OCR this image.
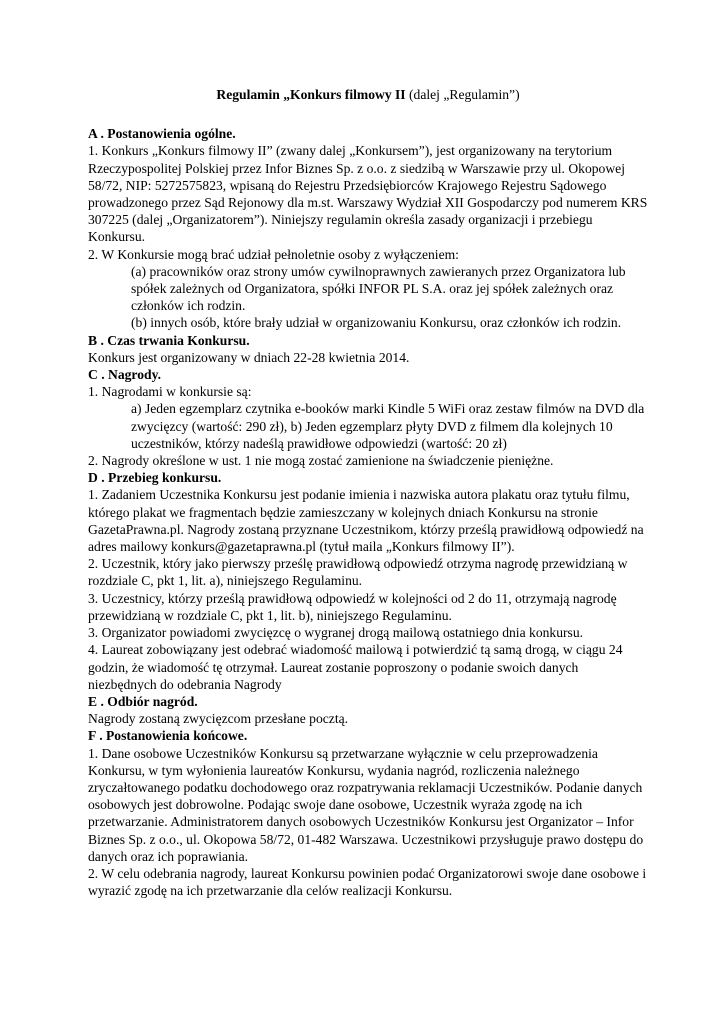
Regulamin „Konkurs filmowy II (dalej „Regulamin”)

A . Postanowienia ogólne.

1. Konkurs „Konkurs filmowy II” (zwany dalej „Konkursem”), jest organizowany na terytorium Rzeczypospolitej Polskiej przez Infor Biznes Sp. z o.o. z siedzibą w Warszawie przy ul. Okopowej 58/72, NIP: 5272575823, wpisaną do Rejestru Przedsiębiorców Krajowego Rejestru Sądowego prowadzonego przez Sąd Rejonowy dla m.st. Warszawy Wydział XII Gospodarczy pod numerem KRS 307225 (dalej „Organizatorem”). Niniejszy regulamin określa zasady organizacji i przebiegu Konkursu.

2. W Konkursie mogą brać udział pełnoletnie osoby z wyłączeniem:

(a) pracowników oraz strony umów cywilnoprawnych zawieranych przez Organizatora lub spółek zależnych od Organizatora, spółki INFOR PL S.A. oraz jej spółek zależnych oraz członków ich rodzin.

(b) innych osób, które brały udział w organizowaniu Konkursu, oraz członków ich rodzin.

B . Czas trwania Konkursu.

Konkurs jest organizowany w dniach 22-28 kwietnia 2014.

C . Nagrody.

1. Nagrodami w konkursie są:

a) Jeden egzemplarz czytnika e-booków marki Kindle 5 WiFi oraz zestaw filmów na DVD dla zwycięzcy (wartość: 290 zł), b) Jeden egzemplarz płyty DVD z filmem dla kolejnych 10 uczestników, którzy nadeślą prawidłowe odpowiedzi (wartość: 20 zł)

2. Nagrody określone w ust. 1 nie mogą zostać zamienione na świadczenie pieniężne.

D . Przebieg konkursu.

1. Zadaniem Uczestnika Konkursu jest podanie imienia i nazwiska autora plakatu oraz tytułu filmu, którego plakat we fragmentach będzie zamieszczany w kolejnych dniach Konkursu na stronie GazetaPrawna.pl. Nagrody zostaną przyznane Uczestnikom, którzy prześlą prawidłową odpowiedź na adres mailowy konkurs@gazetaprawna.pl (tytuł maila „Konkurs filmowy II”).

2. Uczestnik, który jako pierwszy prześlę prawidłową odpowiedź otrzyma nagrodę przewidzianą w rozdziale C, pkt 1, lit. a), niniejszego Regulaminu.

3. Uczestnicy, którzy prześlą prawidłową odpowiedź w kolejności od 2 do 11, otrzymają nagrodę przewidzianą w rozdziale C, pkt 1, lit. b), niniejszego Regulaminu.

3. Organizator powiadomi zwycięzcę o wygranej drogą mailową ostatniego dnia konkursu.

4. Laureat zobowiązany jest odebrać wiadomość mailową i potwierdzić tą samą drogą, w ciągu 24 godzin, że wiadomość tę otrzymał. Laureat zostanie poproszony o podanie swoich danych niezbędnych do odebrania Nagrody

E . Odbiór nagród.

Nagrody zostaną zwycięzcom przesłane pocztą.

F . Postanowienia końcowe.

1. Dane osobowe Uczestników Konkursu są przetwarzane wyłącznie w celu przeprowadzenia Konkursu, w tym wyłonienia laureatów Konkursu, wydania nagród, rozliczenia należnego zryczałtowanego podatku dochodowego oraz rozpatrywania reklamacji Uczestników. Podanie danych osobowych jest dobrowolne. Podając swoje dane osobowe, Uczestnik wyraża zgodę na ich przetwarzanie. Administratorem danych osobowych Uczestników Konkursu jest Organizator – Infor Biznes Sp. z o.o., ul. Okopowa 58/72, 01-482 Warszawa. Uczestnikowi przysługuje prawo dostępu do danych oraz ich poprawiania.

2. W celu odebrania nagrody, laureat Konkursu powinien podać Organizatorowi swoje dane osobowe i wyrazić zgodę na ich przetwarzanie dla celów realizacji Konkursu.
